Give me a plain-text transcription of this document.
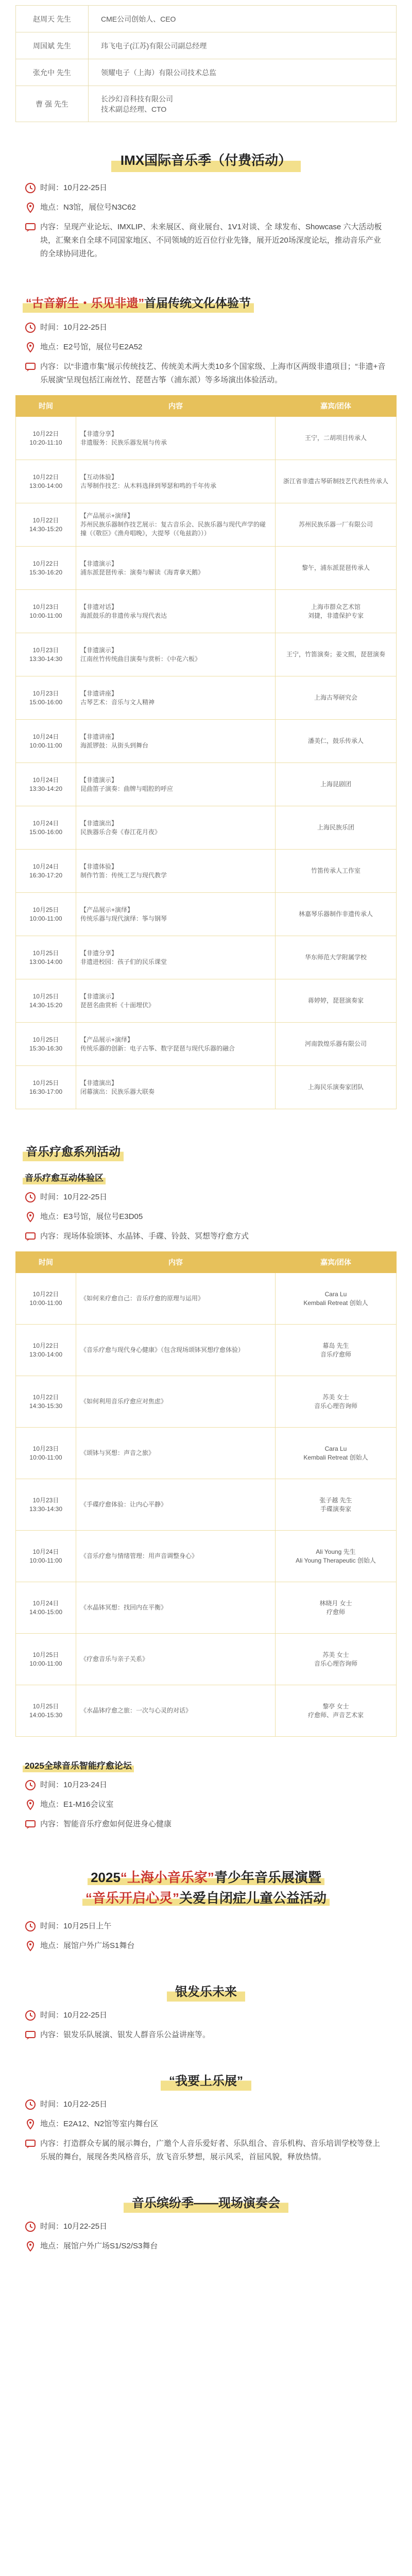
赵周天 先生	CME公司创始人、CEO
周国斌 先生	玮飞电子(江苏)有限公司副总经理
张允中 先生	领耀电子（上海）有限公司技术总监
曹 强 先生	长沙幻音科技有限公司
技术副总经理、CTO
IMX国际音乐季（付费活动）
时间：10月22-25日
地点：N3馆，展位号N3C62
内容：呈现产业论坛、IMXLIP、未来展区、商业展台、1V1对谈、全 球发布、Showcase 六大活动板块，汇聚来自全球不同国家地区、不同领域的近百位行业先锋，展开近20场深度论坛，推动音乐产业的全球协同进化。
“古音新生・乐见非遗”首届传统文化体验节
时间：10月22-25日
地点：E2号馆，展位号E2A52
内容：以“非遗市集”展示传统技艺、传统美术两大类10多个国家级、上海市区两级非遗项目；“非遗+音乐展演”呈现包括江南丝竹、琵琶古筝（浦东派）等多场演出体验活动。
时间	内容	嘉宾/团体
10月22日
10:20-11:10	【非遗分享】
非遗服务：民族乐器发展与传承	王宁，二胡项目传承人
10月22日
13:00-14:00	【互动体验】
古琴制作技艺：从木料选择到琴瑟和鸣的千年传承	浙江省非遗古琴斫制技艺代表性传承人
10月22日
14:30-15:20	【产品展示+演绎】
苏州民族乐器制作技艺展示：复古音乐会、民族乐器与现代声学的碰撞（《敬臣》《渔舟唱晚》，大提琴（《龟兹韵》））	苏州民族乐器一厂有限公司
10月22日
15:30-16:20	【非遗演示】
浦东派琵琶传承：演奏与解读《海青拿天鹅》	黎午，浦东派琵琶传承人
10月23日
10:00-11:00	【非遗对话】
海派鼓乐的非遗传承与现代表达	上海市群众艺术馆
刘捷，非遗保护专家
10月23日
13:30-14:30	【非遗演示】
江南丝竹传统曲目演奏与赏析：《中花六板》	王宁，竹笛演奏；姜文熙，琵琶演奏
10月23日
15:00-16:00	【非遗讲座】
古琴艺术：音乐与文人精神	上海古琴研究会
10月24日
10:00-11:00	【非遗讲座】
海派锣鼓：从街头到舞台	潘美仁，鼓乐传承人
10月24日
13:30-14:20	【非遗演示】
昆曲笛子演奏：曲牌与唱腔的呼应	上海昆剧团
10月24日
15:00-16:00	【非遗演出】
民族器乐合奏《春江花月夜》	上海民族乐团
10月24日
16:30-17:20	【非遗体验】
制作竹笛：传统工艺与现代教学	竹笛传承人工作室
10月25日
10:00-11:00	【产品展示+演绎】
传统乐器与现代演绎：筝与钢琴	林嘉琴乐器制作非遗传承人
10月25日
13:00-14:00	【非遗分享】
非遗进校园：孩子们的民乐课堂	华东师范大学附属学校
10月25日
14:30-15:20	【非遗演示】
琵琶名曲赏析《十面埋伏》	蒋婷婷，琵琶演奏家
10月25日
15:30-16:30	【产品展示+演绎】
传统乐器的创新：电子古筝、数字琵琶与现代乐器的融合	河南敦煌乐器有限公司
10月25日
16:30-17:00	【非遗演出】
闭幕演出：民族乐器大联奏	上海民乐演奏家团队
音乐疗愈系列活动
音乐疗愈互动体验区
时间：10月22-25日
地点：E3号馆，展位号E3D05
内容：现场体验颂钵、水晶钵、手碟、铃鼓、冥想等疗愈方式
时间	内容	嘉宾/团体
10月22日
10:00-11:00	《如何来疗愈自己：音乐疗愈的原理与运用》	Cara Lu
Kembali Retreat 创始人
10月22日
13:00-14:00	《音乐疗愈与现代身心健康》（包含现场颂钵冥想疗愈体验）	幕岛 先生
音乐疗愈师
10月22日
14:30-15:30	《如何利用音乐疗愈应对焦虑》	苏美 女士
音乐心理咨询师
10月23日
10:00-11:00	《颂钵与冥想：声音之旅》	Cara Lu
Kembali Retreat 创始人
10月23日
13:30-14:30	《手碟疗愈体验：让内心平静》	张子越 先生
手碟演奏家
10月24日
10:00-11:00	《音乐疗愈与情绪管理：用声音调整身心》	Ali Young 先生
Ali Young Therapeutic 创始人
10月24日
14:00-15:00	《水晶钵冥想：找回内在平衡》	林晓月 女士
疗愈师
10月25日
10:00-11:00	《疗愈音乐与亲子关系》	苏美 女士
音乐心理咨询师
10月25日
14:00-15:30	《水晶钵疗愈之旅：一次与心灵的对话》	黎亭 女士
疗愈师、声音艺术家
2025全球音乐智能疗愈论坛
时间：10月23-24日
地点：E1-M16会议室
内容：智能音乐疗愈如何促进身心健康
2025“上海小音乐家”青少年音乐展演暨
“音乐开启心灵”关爱自闭症儿童公益活动
时间：10月25日上午
地点：展馆户外广场S1舞台
银发乐未来
时间：10月22-25日
内容：银发乐队展演、银发人群音乐公益讲座等。
“我要上乐展”
时间：10月22-25日
地点：E2A12、N2馆等室内舞台区
内容：打造群众专属的展示舞台，广邀个人音乐爱好者、乐队组合、音乐机构、音乐培训学校等登上乐展的舞台，展现各类风格音乐，放飞音乐梦想，展示风采，首屈风貌，释放热情。
音乐缤纷季——现场演奏会
时间：10月22-25日
地点：展馆户外广场S1/S2/S3舞台
